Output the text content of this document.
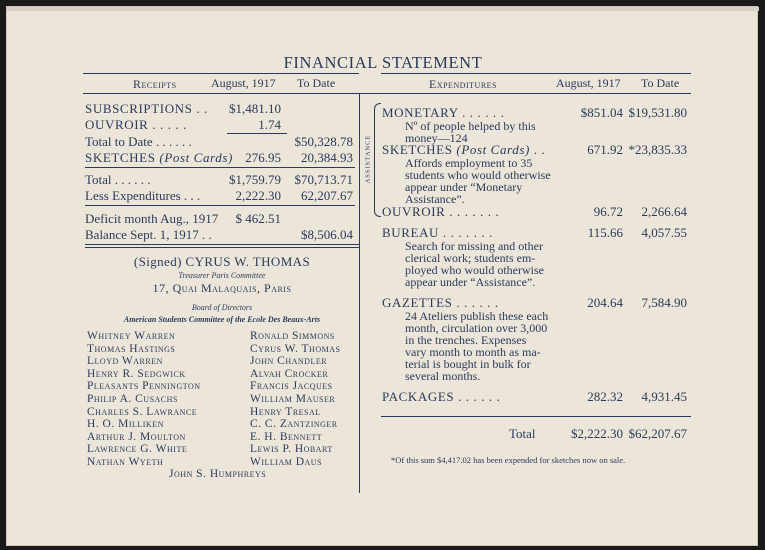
FINANCIAL STATEMENT
Receipts	August, 1917 To Date	Expenditures	August, 1917 To Date
SUBSCRIPTIONS . . $1,481.10
OUVROIR . . . . .	1.74
Total to Date . . . . . .	$50,328.78
SKETCHES (Post Cards) 276.95 20,384.93
Total . . . . . .	$1,759.79 $70,713.71
Less Expenditures . . .	2,222.30 62,207.67
Deficit month Aug., 1917 $ 462.51
Balance Sept. 1, 1917 . .	$8,506.04
(Signed) CYRUS W. THOMAS
Treasurer Paris Committee
17, Quai Malaquais, Paris
Board of Directors
American Students Committee of the Ecole Des Beaux-Arts
Whitney Warren
Thomas Hastings
Lloyd Warren
Henry R. Sedgwick
Pleasants Pennington
Philip A. Cusachs
Charles S. Lawrance
H. O. Milliken
Arthur J. Moulton
Lawrence G. White
Nathan Wyeth
Ronald Simmons
Cyrus W. Thomas
John Chandler
Alvah Crocker
Francis Jacques
William Mauser
Henry Tresal
C. C. Zantzinger
E. H. Bennett
Lewis P. Hobart
William Daus
John S. Humphreys
ASSISTANCE
MONETARY . . . . . .	$851.04 $19,531.80
Nº of people helped by this
money—124
SKETCHES (Post Cards) . .	671.92 *23,835.33
Affords employment to 35
students who would otherwise
appear under “Monetary
Assistance”.
OUVROIR . . . . . . .	96.72 2,266.64
BUREAU . . . . . . .	115.66 4,057.55
Search for missing and other
clerical work; students em-
ployed who would otherwise
appear under “Assistance”.
GAZETTES . . . . . .	204.64 7,584.90
24 Ateliers publish these each
month, circulation over 3,000
in the trenches. Expenses
vary month to month as ma-
terial is bought in bulk for
several months.
PACKAGES . . . . . .	282.32 4,931.45
Total	$2,222.30 $62,207.67
*Of this sum $4,417.02 has been expended for sketches now on sale.
